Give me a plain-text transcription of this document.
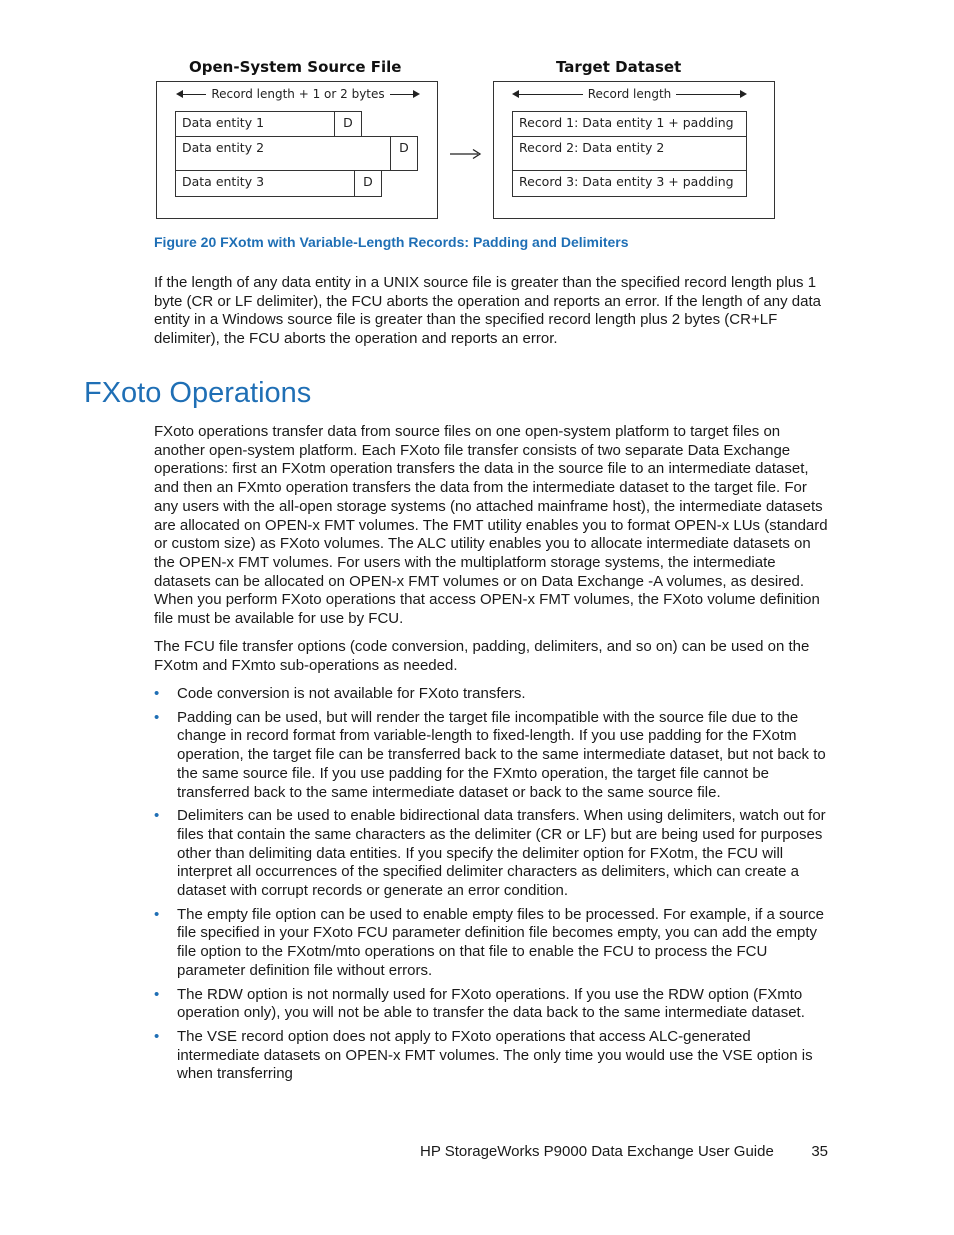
Open-System Source File	Target Dataset
Record length + 1 or 2 bytes	Record length
Data entity 1	D
Data entity 2	D
Data entity 3	D
Record 1: Data entity 1 + padding
Record 2: Data entity 2
Record 3: Data entity 3 + padding
Figure 20 FXotm with Variable-Length Records: Padding and Delimiters

If the length of any data entity in a UNIX source file is greater than the specified record length plus 1 byte (CR or LF delimiter), the FCU aborts the operation and reports an error. If the length of any data entity in a Windows source file is greater than the specified record length plus 2 bytes (CR+LF delimiter), the FCU aborts the operation and reports an error.

FXoto Operations

FXoto operations transfer data from source files on one open-system platform to target files on another open-system platform. Each FXoto file transfer consists of two separate Data Exchange operations: first an FXotm operation transfers the data in the source file to an intermediate dataset, and then an FXmto operation transfers the data from the intermediate dataset to the target file. For any users with the all-open storage systems (no attached mainframe host), the intermediate datasets are allocated on OPEN-x FMT volumes. The FMT utility enables you to format OPEN-x LUs (standard or custom size) as FXoto volumes. The ALC utility enables you to allocate intermediate datasets on the OPEN-x FMT volumes. For users with the multiplatform storage systems, the intermediate datasets can be allocated on OPEN-x FMT volumes or on Data Exchange -A volumes, as desired. When you perform FXoto operations that access OPEN-x FMT volumes, the FXoto volume definition file must be available for use by FCU.

The FCU file transfer options (code conversion, padding, delimiters, and so on) can be used on the FXotm and FXmto sub-operations as needed.

• Code conversion is not available for FXoto transfers.
• Padding can be used, but will render the target file incompatible with the source file due to the change in record format from variable-length to fixed-length. If you use padding for the FXotm operation, the target file can be transferred back to the same intermediate dataset, but not back to the same source file. If you use padding for the FXmto operation, the target file cannot be transferred back to the same intermediate dataset or back to the same source file.
• Delimiters can be used to enable bidirectional data transfers. When using delimiters, watch out for files that contain the same characters as the delimiter (CR or LF) but are being used for purposes other than delimiting data entities. If you specify the delimiter option for FXotm, the FCU will interpret all occurrences of the specified delimiter characters as delimiters, which can create a dataset with corrupt records or generate an error condition.
• The empty file option can be used to enable empty files to be processed. For example, if a source file specified in your FXoto FCU parameter definition file becomes empty, you can add the empty file option to the FXotm/mto operations on that file to enable the FCU to process the FCU parameter definition file without errors.
• The RDW option is not normally used for FXoto operations. If you use the RDW option (FXmto operation only), you will not be able to transfer the data back to the same intermediate dataset.
• The VSE record option does not apply to FXoto operations that access ALC-generated intermediate datasets on OPEN-x FMT volumes. The only time you would use the VSE option is when transferring
HP StorageWorks P9000 Data Exchange User Guide	35
